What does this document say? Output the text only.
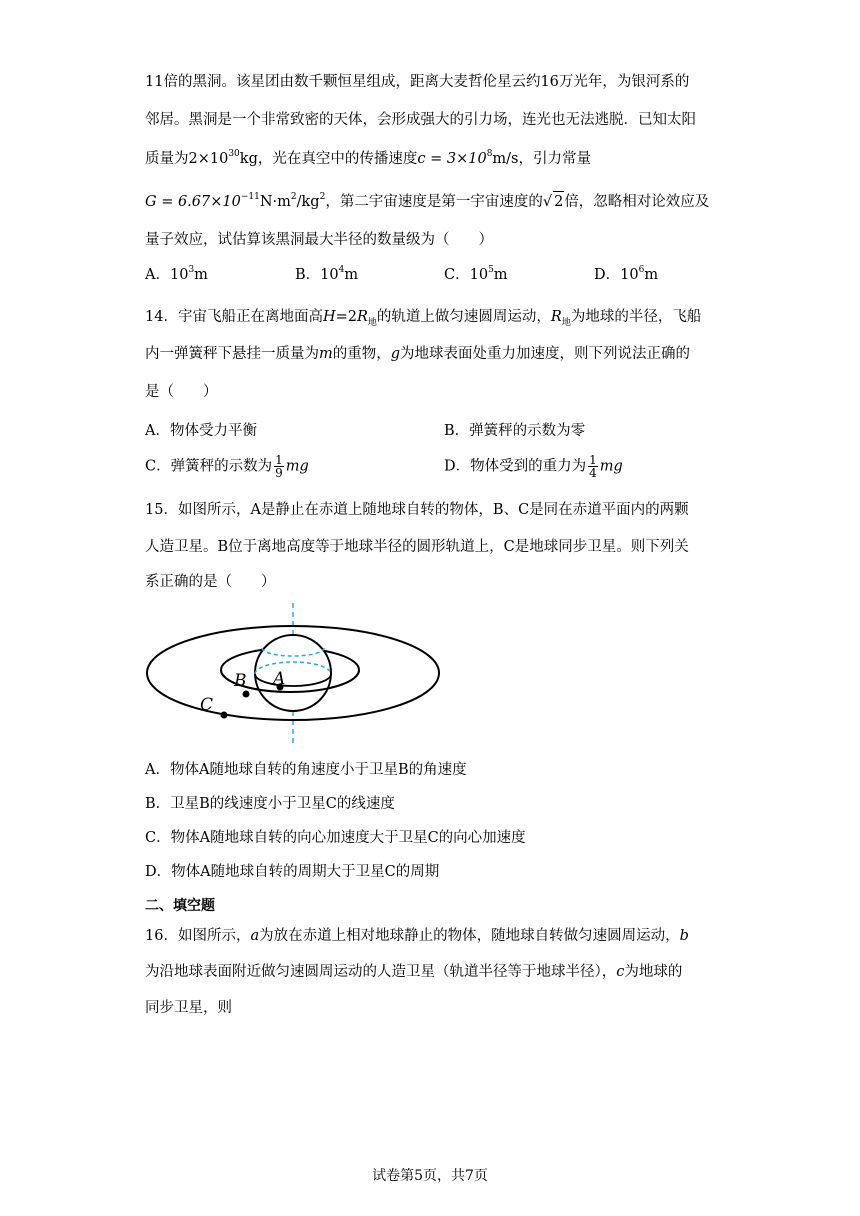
11倍的黑洞。该星团由数千颗恒星组成，距离大麦哲伦星云约16万光年，为银河系的
邻居。黑洞是一个非常致密的天体，会形成强大的引力场，连光也无法逃脱．已知太阳
质量为$2\times 10^{30}kg$，光在真空中的传播速度$c = 3\times 10^8m/s$，引力常量
$G = 6.67\times 10^{-11}N\cdot m^2/kg^2$，第二宇宙速度是第一宇宙速度的√ 2倍，忽略相对论效应及
量子效应，试估算该黑洞最大半径的数量级为（　　）
A．$10^3m$	B．$10^4m$	C．$10^5m$	D．$10^6m$
14．宇宙飞船正在离地面高$H=2R_地$的轨道上做匀速圆周运动，$R_地$为地球的半径，飞船
内一弹簧秤下悬挂一质量为m的重物，g为地球表面处重力加速度，则下列说法正确的
是（　　）
A．物体受力平衡	B．弹簧秤的示数为零
C．弹簧秤的示数为 $\frac{1}{9}$ mg	D．物体受到的重力为 $\frac{1}{4}$ mg
15．如图所示，A是静止在赤道上随地球自转的物体，B、C是同在赤道平面内的两颗
人造卫星。B位于离地高度等于地球半径的圆形轨道上，C是地球同步卫星。则下列关
系正确的是（　　）
A
B
C
A．物体A随地球自转的角速度小于卫星B的角速度
B．卫星B的线速度小于卫星C的线速度
C．物体A随地球自转的向心加速度大于卫星C的向心加速度
D．物体A随地球自转的周期大于卫星C的周期
二、填空题
16．如图所示，a为放在赤道上相对地球静止的物体，随地球自转做匀速圆周运动，b
为沿地球表面附近做匀速圆周运动的人造卫星（轨道半径等于地球半径），c为地球的
同步卫星，则
试卷第5页，共7页
